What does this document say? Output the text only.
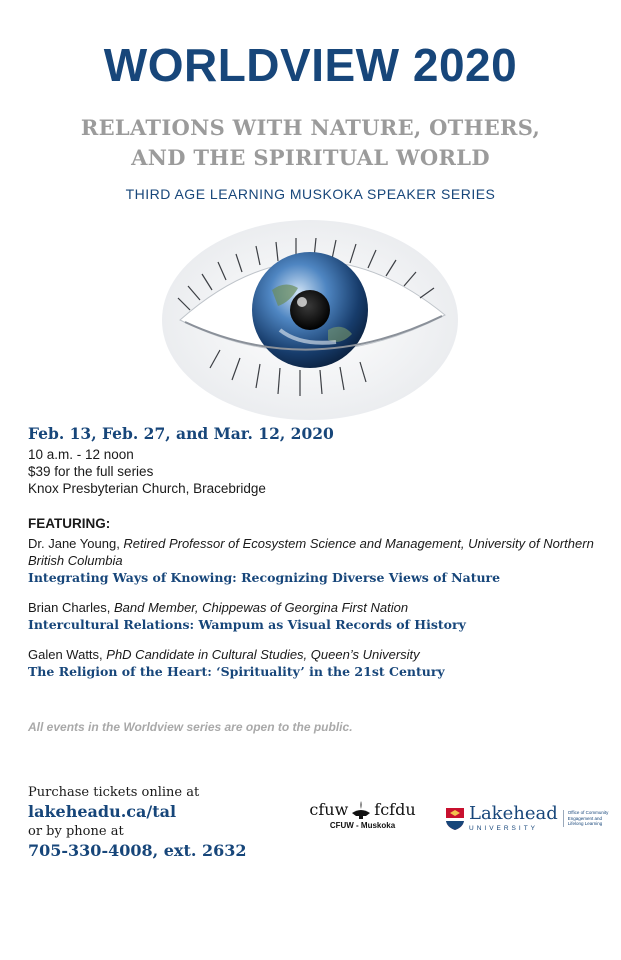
WORLDVIEW 2020
RELATIONS WITH NATURE, OTHERS,
AND THE SPIRITUAL WORLD
THIRD AGE LEARNING MUSKOKA SPEAKER SERIES
Feb. 13, Feb. 27, and Mar. 12, 2020
10 a.m. - 12 noon
$39 for the full series
Knox Presbyterian Church, Bracebridge
FEATURING:
Dr. Jane Young, Retired Professor of Ecosystem Science and Management, University of Northern British Columbia
Integrating Ways of Knowing: Recognizing Diverse Views of Nature
Brian Charles, Band Member, Chippewas of Georgina First Nation
Intercultural Relations: Wampum as Visual Records of History
Galen Watts, PhD Candidate in Cultural Studies, Queen’s University
The Religion of the Heart: ‘Spirituality’ in the 21st Century
All events in the Worldview series are open to the public.
Purchase tickets online at
lakeheadu.ca/tal
or by phone at
705-330-4008, ext. 2632
cfuw fcfdu
CFUW - Muskoka
Lakehead
UNIVERSITY
Office of Community Engagement and Lifelong Learning
